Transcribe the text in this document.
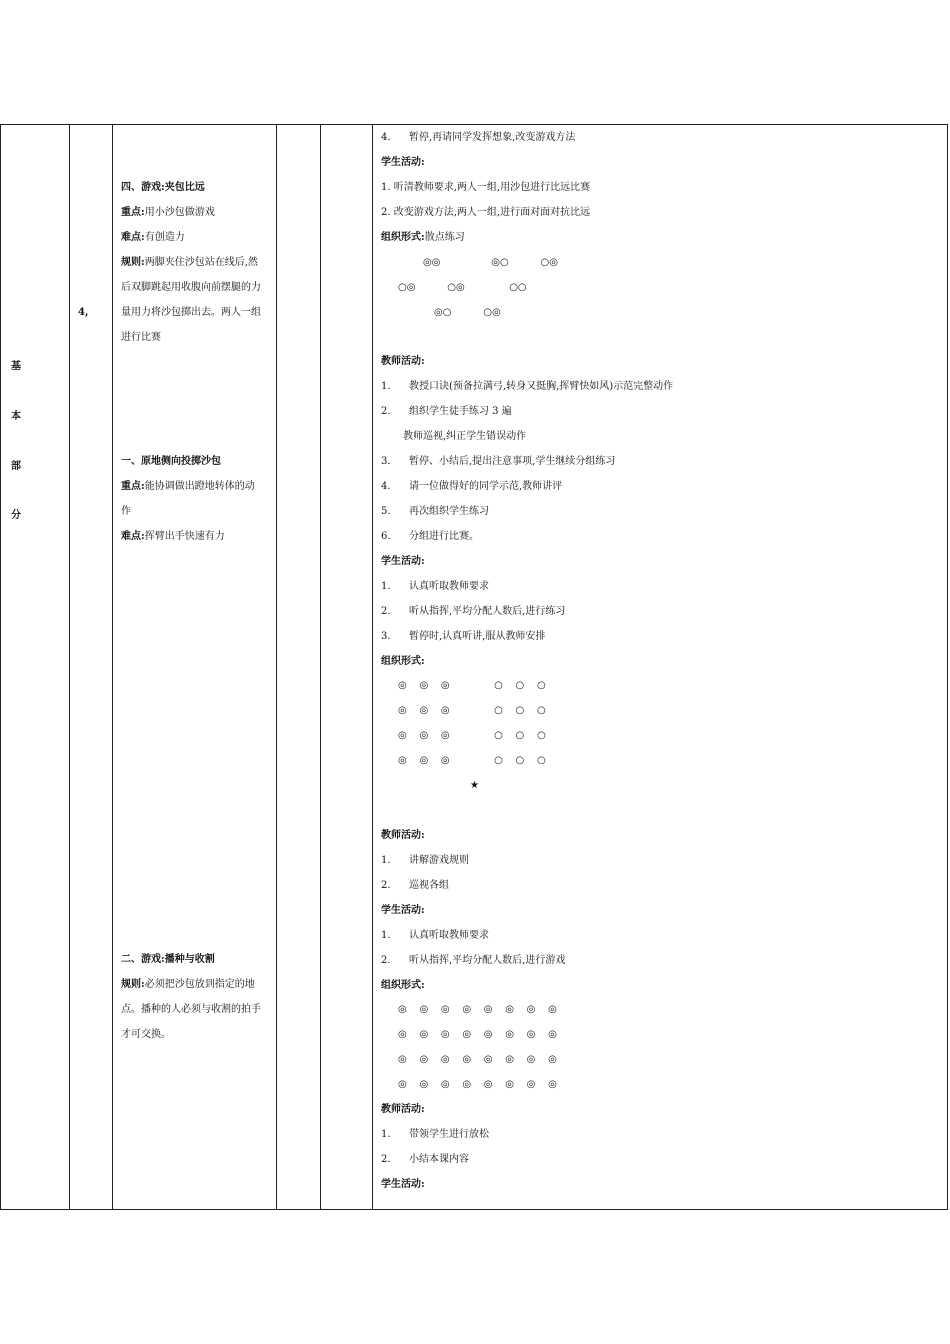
基
本
部
分
4,
四、游戏:夹包比远
重点:用小沙包做游戏
难点:有创造力
规则:两脚夹住沙包站在线后,然
后双脚跳起用收腹向前摆腿的力
量用力将沙包掷出去。两人一组
进行比赛
一、原地侧向投掷沙包
重点:能协调做出蹬地转体的动
作
难点:挥臂出手快速有力
二、游戏:播种与收割
规则:必须把沙包放到指定的地
点。播种的人必须与收割的拍手
才可交换。
4. 暂停,再请同学发挥想象,改变游戏方法
学生活动:
1. 听清教师要求,两人一组,用沙包进行比远比赛
2. 改变游戏方法,两人一组,进行面对面对抗比远
组织形式:散点练习
◎◎                ◎○          ○◎
○◎          ○◎              ○○
◎○          ○◎
教师活动:
1. 教授口诀(预备拉满弓,转身又挺胸,挥臂快如风)示范完整动作
2. 组织学生徒手练习 3 遍
教师巡视,纠正学生错误动作
3. 暂停、小结后,提出注意事项,学生继续分组练习
4. 请一位做得好的同学示范,教师讲评
5. 再次组织学生练习
6. 分组进行比赛。
学生活动:
1. 认真听取教师要求
2. 听从指挥,平均分配人数后,进行练习
3. 暂停时,认真听讲,服从教师安排
组织形式:
◎    ◎    ◎              ○    ○    ○
◎    ◎    ◎              ○    ○    ○
◎    ◎    ◎              ○    ○    ○
◎    ◎    ◎              ○    ○    ○
★
教师活动:
1. 讲解游戏规则
2. 巡视各组
学生活动:
1. 认真听取教师要求
2. 听从指挥,平均分配人数后,进行游戏
组织形式:
◎    ◎    ◎    ◎    ◎    ◎    ◎    ◎
◎    ◎    ◎    ◎    ◎    ◎    ◎    ◎
◎    ◎    ◎    ◎    ◎    ◎    ◎    ◎
◎    ◎    ◎    ◎    ◎    ◎    ◎    ◎
教师活动:
1. 带领学生进行放松
2. 小结本课内容
学生活动:
